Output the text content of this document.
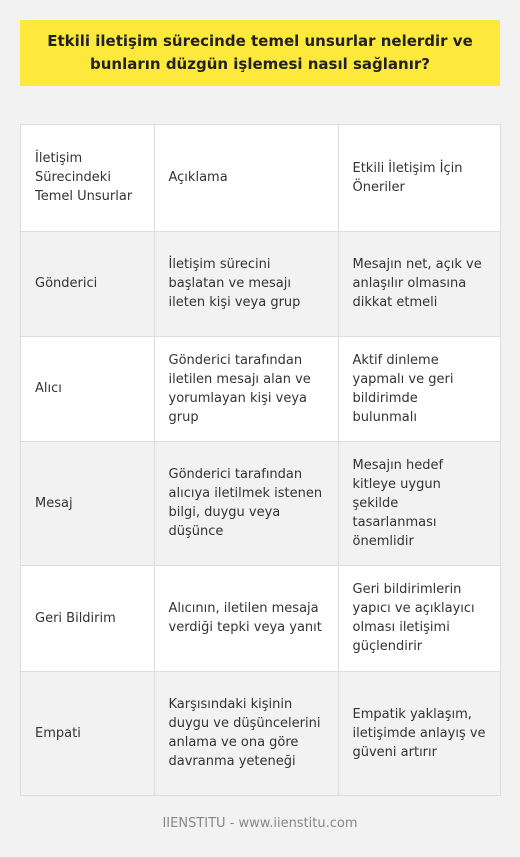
Etkili iletişim sürecinde temel unsurlar nelerdir ve bunların düzgün işlemesi nasıl sağlanır?
İletişim Sürecindeki Temel Unsurlar	Açıklama	Etkili İletişim İçin Öneriler
Gönderici	İletişim sürecini başlatan ve mesajı ileten kişi veya grup	Mesajın net, açık ve anlaşılır olmasına dikkat etmeli
Alıcı	Gönderici tarafından iletilen mesajı alan ve yorumlayan kişi veya grup	Aktif dinleme yapmalı ve geri bildirimde bulunmalı
Mesaj	Gönderici tarafından alıcıya iletilmek istenen bilgi, duygu veya düşünce	Mesajın hedef kitleye uygun şekilde tasarlanması önemlidir
Geri Bildirim	Alıcının, iletilen mesaja verdiği tepki veya yanıt	Geri bildirimlerin yapıcı ve açıklayıcı olması iletişimi güçlendirir
Empati	Karşısındaki kişinin duygu ve düşüncelerini anlama ve ona göre davranma yeteneği	Empatik yaklaşım, iletişimde anlayış ve güveni artırır
IIENSTITU - www.iienstitu.com
